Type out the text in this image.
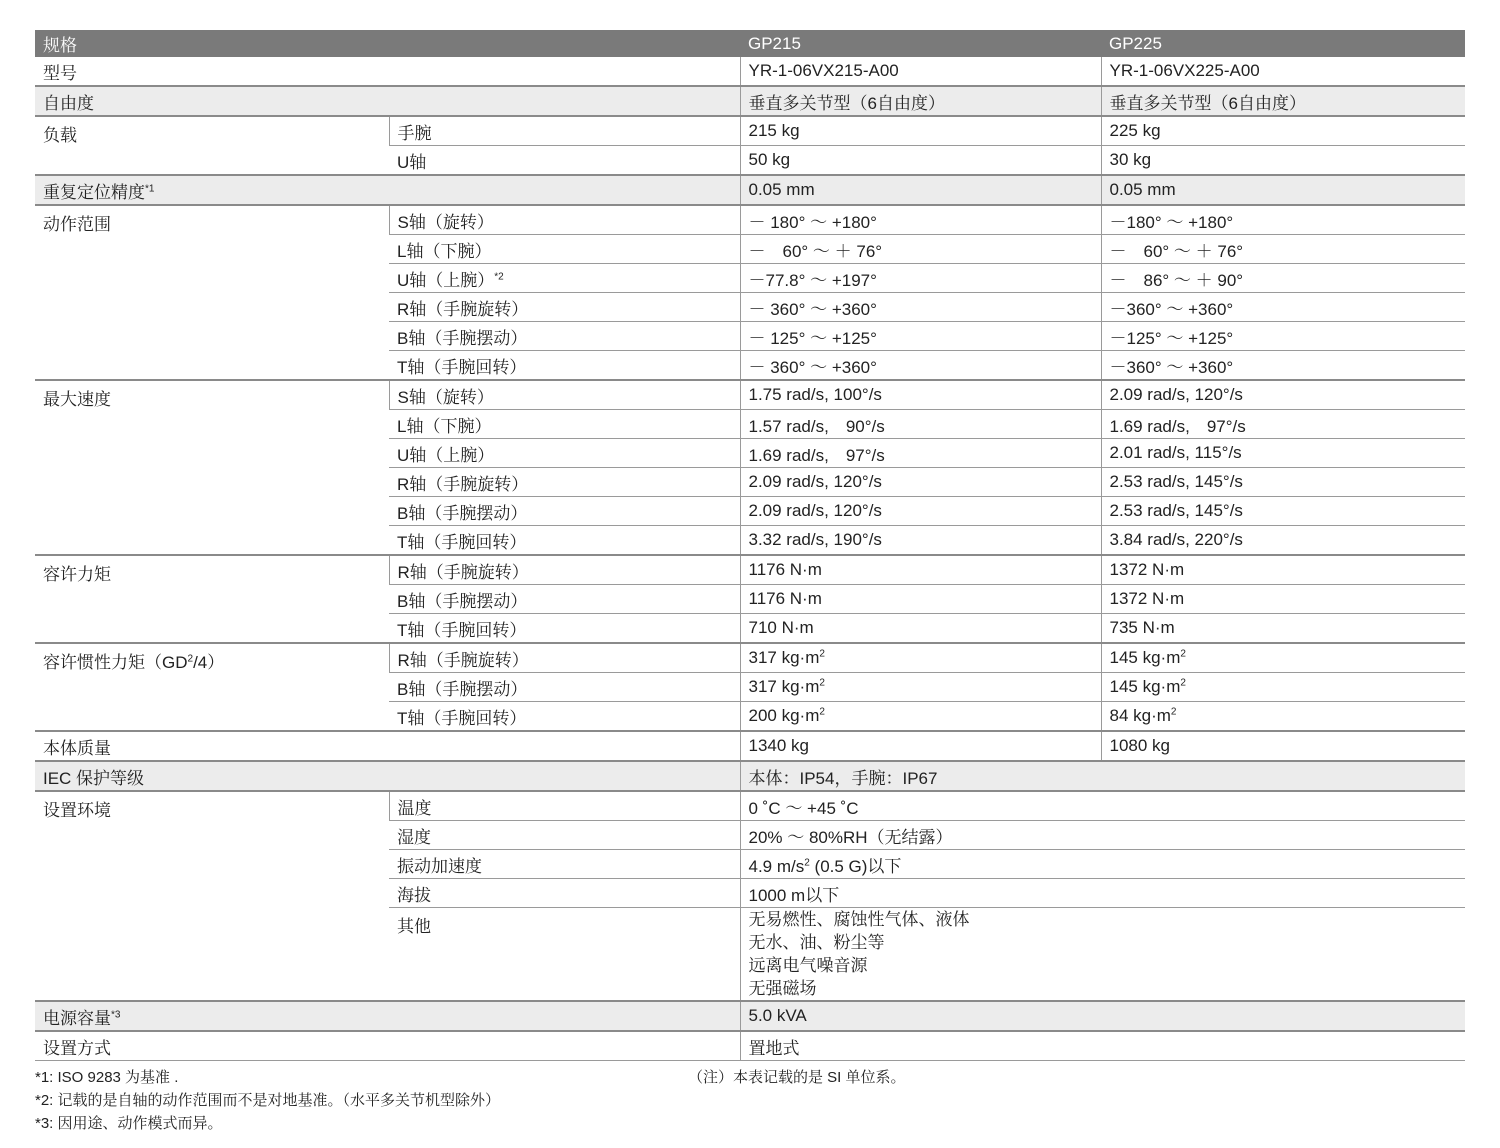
规格		GP215	GP225
型号		YR-1-06VX215-A00	YR-1-06VX225-A00
自由度		垂直多关节型（6自由度）	垂直多关节型（6自由度）
负载	手腕	215 kg	225 kg
	U轴	50 kg	30 kg
重复定位精度$^{*1}$		0.05 mm	0.05 mm
动作范围	S轴（旋转）	－ 180° ～ +180°	－180° ～ +180°
	L轴（下腕）	－　60° ～ ＋ 76°	－　60° ～ ＋ 76°
	U轴（上腕）$^{*2}$	－77.8° ～ +197°	－　86° ～ ＋ 90°
	R轴（手腕旋转）	－ 360° ～ +360°	－360° ～ +360°
	B轴（手腕摆动）	－ 125° ～ +125°	－125° ～ +125°
	T轴（手腕回转）	－ 360° ～ +360°	－360° ～ +360°
最大速度	S轴（旋转）	1.75 rad/s, 100°/s	2.09 rad/s, 120°/s
	L轴（下腕）	1.57 rad/s,　90°/s	1.69 rad/s,　97°/s
	U轴（上腕）	1.69 rad/s,　97°/s	2.01 rad/s, 115°/s
	R轴（手腕旋转）	2.09 rad/s, 120°/s	2.53 rad/s, 145°/s
	B轴（手腕摆动）	2.09 rad/s, 120°/s	2.53 rad/s, 145°/s
	T轴（手腕回转）	3.32 rad/s, 190°/s	3.84 rad/s, 220°/s
容许力矩	R轴（手腕旋转）	1176 N·m	1372 N·m
	B轴（手腕摆动）	1176 N·m	1372 N·m
	T轴（手腕回转）	710 N·m	735 N·m
容许惯性力矩$(GD^2/4)$	R轴（手腕旋转）	317 $kg\cdot m^2$	145 $kg\cdot m^2$
	B轴（手腕摆动）	317 $kg\cdot m^2$	145 $kg\cdot m^2$
	T轴（手腕回转）	200 $kg\cdot m^2$	84 $kg\cdot m^2$
本体质量		1340 kg	1080 kg
IEC 保护等级		本体：IP54，手腕：IP67	
设置环境	温度	0 ˚C ～ +45 ˚C	
	湿度	20% ～ 80%RH（无结露）	
	振动加速度	4.9 $m/s^2$ (0.5 G)以下	
	海拔	1000 m以下	
	其他	无易燃性、腐蚀性气体、液体
无水、油、粉尘等
远离电气噪音源
无强磁场	

电源容量$^{*3}$		5.0 kVA	
设置方式		置地式	
*1: ISO 9283 为基准 .
*2: 记载的是自轴的动作范围而不是对地基准。（水平多关节机型除外）
*3: 因用途、动作模式而异。
（注）本表记载的是 SI 单位系。
